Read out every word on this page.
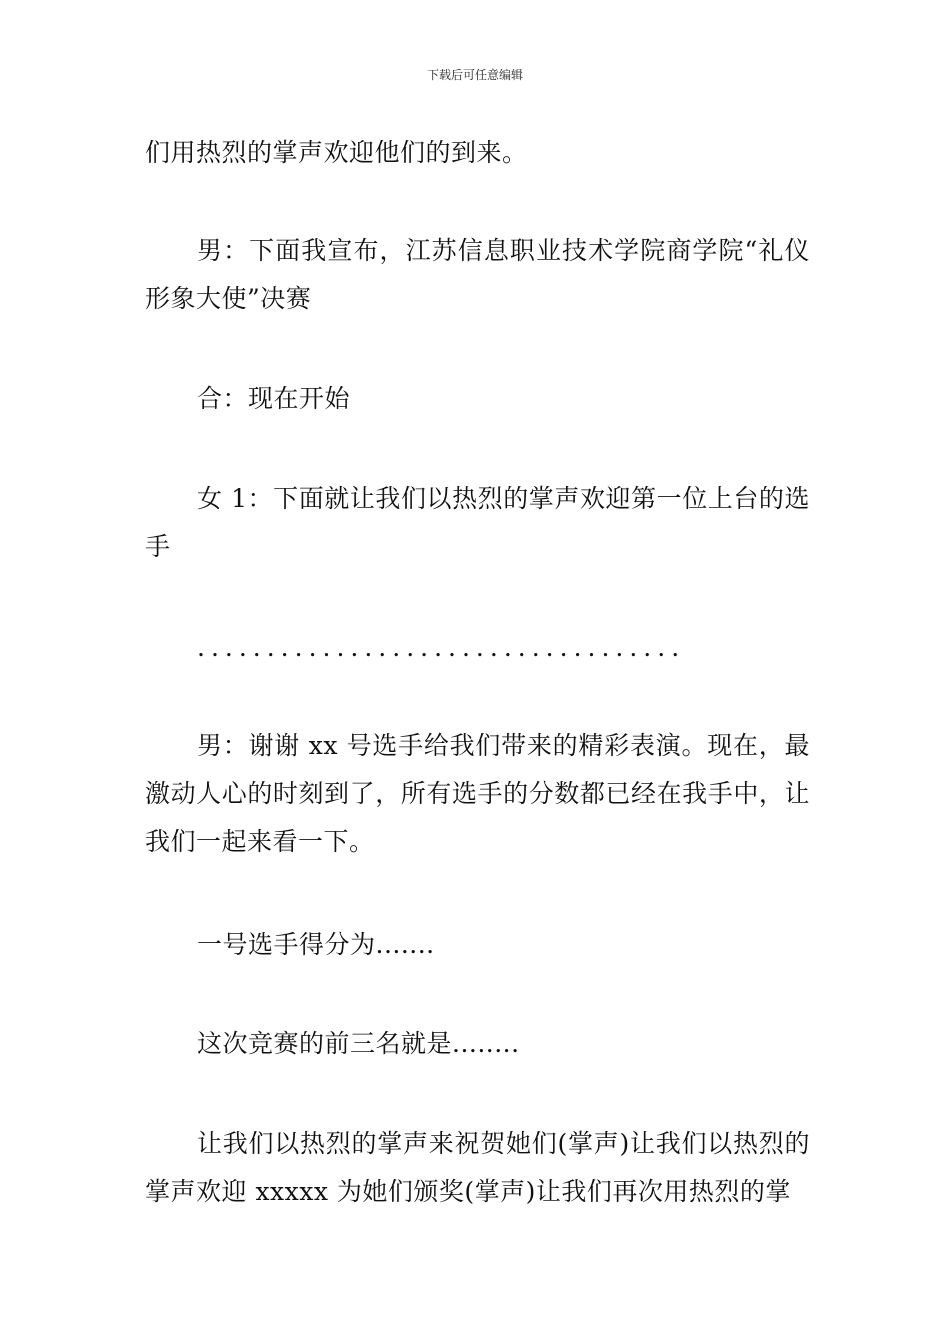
下载后可任意编辑

们用热烈的掌声欢迎他们的到来。

男：下面我宣布，江苏信息职业技术学院商学院“礼仪形象大使”决赛

合：现在开始

女 1：下面就让我们以热烈的掌声欢迎第一位上台的选手

...................................

男：谢谢 xx 号选手给我们带来的精彩表演。现在，最激动人心的时刻到了，所有选手的分数都已经在我手中，让我们一起来看一下。

一号选手得分为.......

这次竞赛的前三名就是........

让我们以热烈的掌声来祝贺她们(掌声)让我们以热烈的掌声欢迎 xxxxx 为她们颁奖(掌声)让我们再次用热烈的掌
